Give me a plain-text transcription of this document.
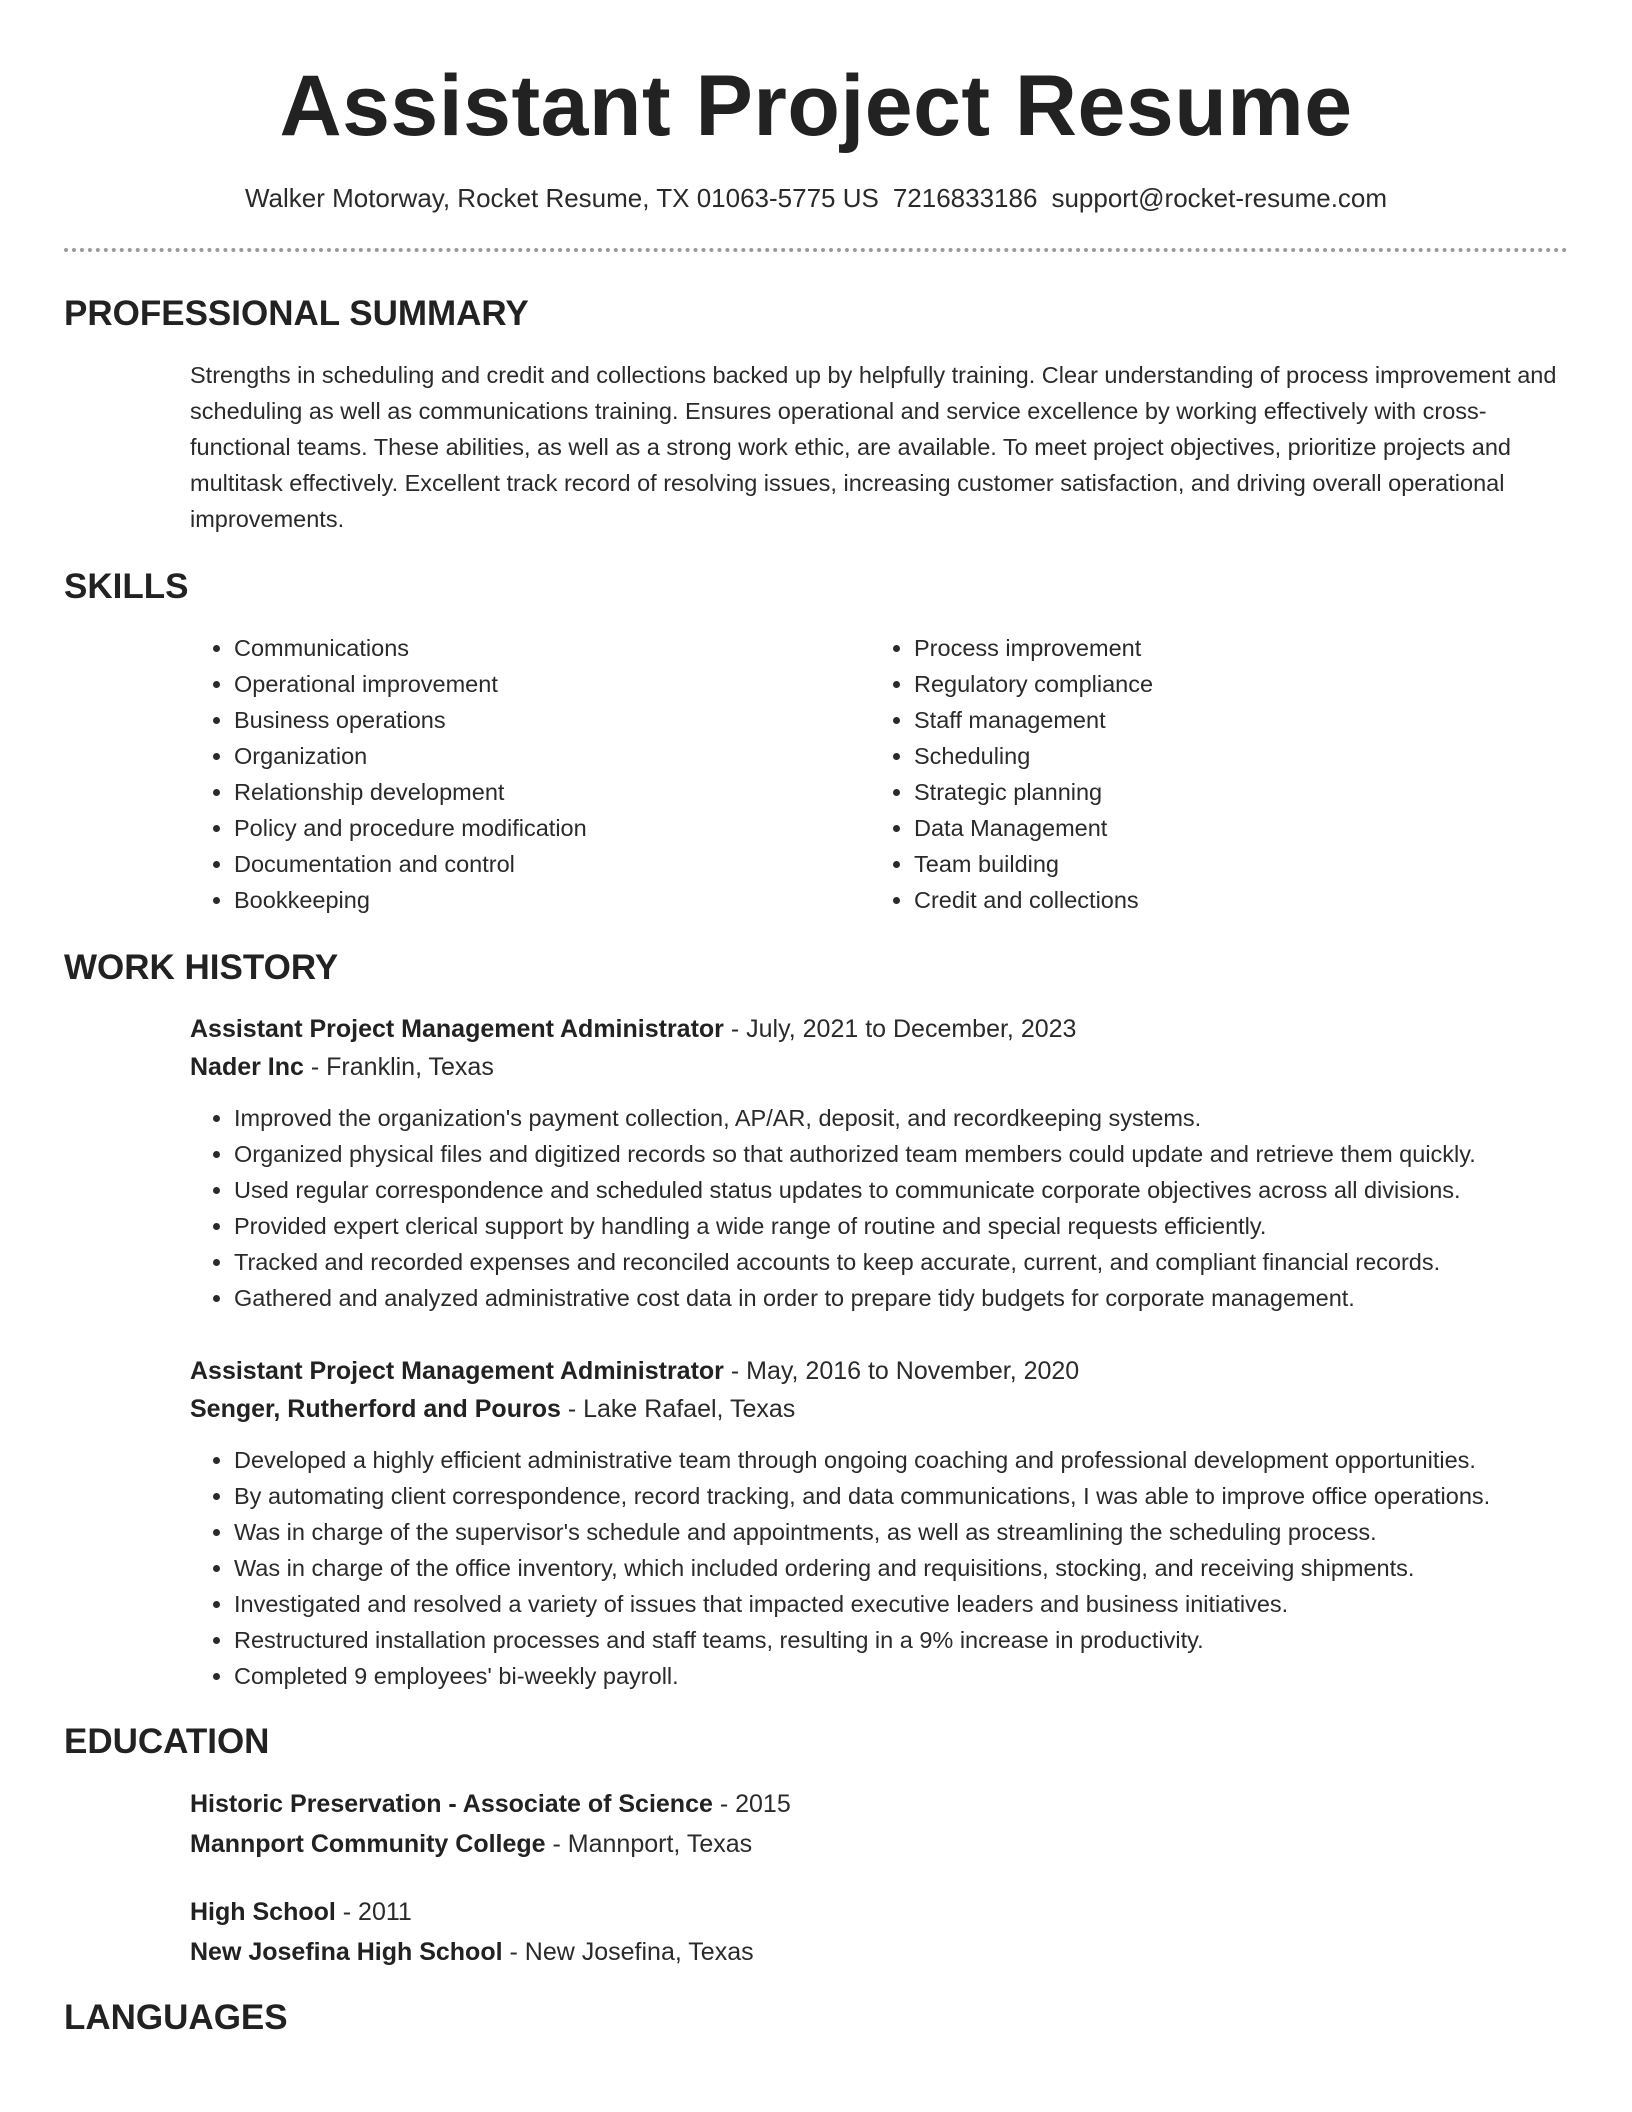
Assistant Project Resume
Walker Motorway, Rocket Resume, TX 01063-5775 US 7216833186 support@rocket-resume.com
PROFESSIONAL SUMMARY

Strengths in scheduling and credit and collections backed up by helpfully training. Clear understanding of process improvement and scheduling as well as communications training. Ensures operational and service excellence by working effectively with cross-functional teams. These abilities, as well as a strong work ethic, are available. To meet project objectives, prioritize projects and multitask effectively. Excellent track record of resolving issues, increasing customer satisfaction, and driving overall operational improvements.

SKILLS
• Communications
• Operational improvement
• Business operations
• Organization
• Relationship development
• Policy and procedure modification
• Documentation and control
• Bookkeeping
• Process improvement
• Regulatory compliance
• Staff management
• Scheduling
• Strategic planning
• Data Management
• Team building
• Credit and collections
WORK HISTORY
Assistant Project Management Administrator - July, 2021 to December, 2023
Nader Inc - Franklin, Texas
• Improved the organization's payment collection, AP/AR, deposit, and recordkeeping systems.
• Organized physical files and digitized records so that authorized team members could update and retrieve them quickly.
• Used regular correspondence and scheduled status updates to communicate corporate objectives across all divisions.
• Provided expert clerical support by handling a wide range of routine and special requests efficiently.
• Tracked and recorded expenses and reconciled accounts to keep accurate, current, and compliant financial records.
• Gathered and analyzed administrative cost data in order to prepare tidy budgets for corporate management.
Assistant Project Management Administrator - May, 2016 to November, 2020
Senger, Rutherford and Pouros - Lake Rafael, Texas
• Developed a highly efficient administrative team through ongoing coaching and professional development opportunities.
• By automating client correspondence, record tracking, and data communications, I was able to improve office operations.
• Was in charge of the supervisor's schedule and appointments, as well as streamlining the scheduling process.
• Was in charge of the office inventory, which included ordering and requisitions, stocking, and receiving shipments.
• Investigated and resolved a variety of issues that impacted executive leaders and business initiatives.
• Restructured installation processes and staff teams, resulting in a 9% increase in productivity.
• Completed 9 employees' bi-weekly payroll.
EDUCATION
Historic Preservation - Associate of Science - 2015
Mannport Community College - Mannport, Texas
High School - 2011
New Josefina High School - New Josefina, Texas
LANGUAGES
